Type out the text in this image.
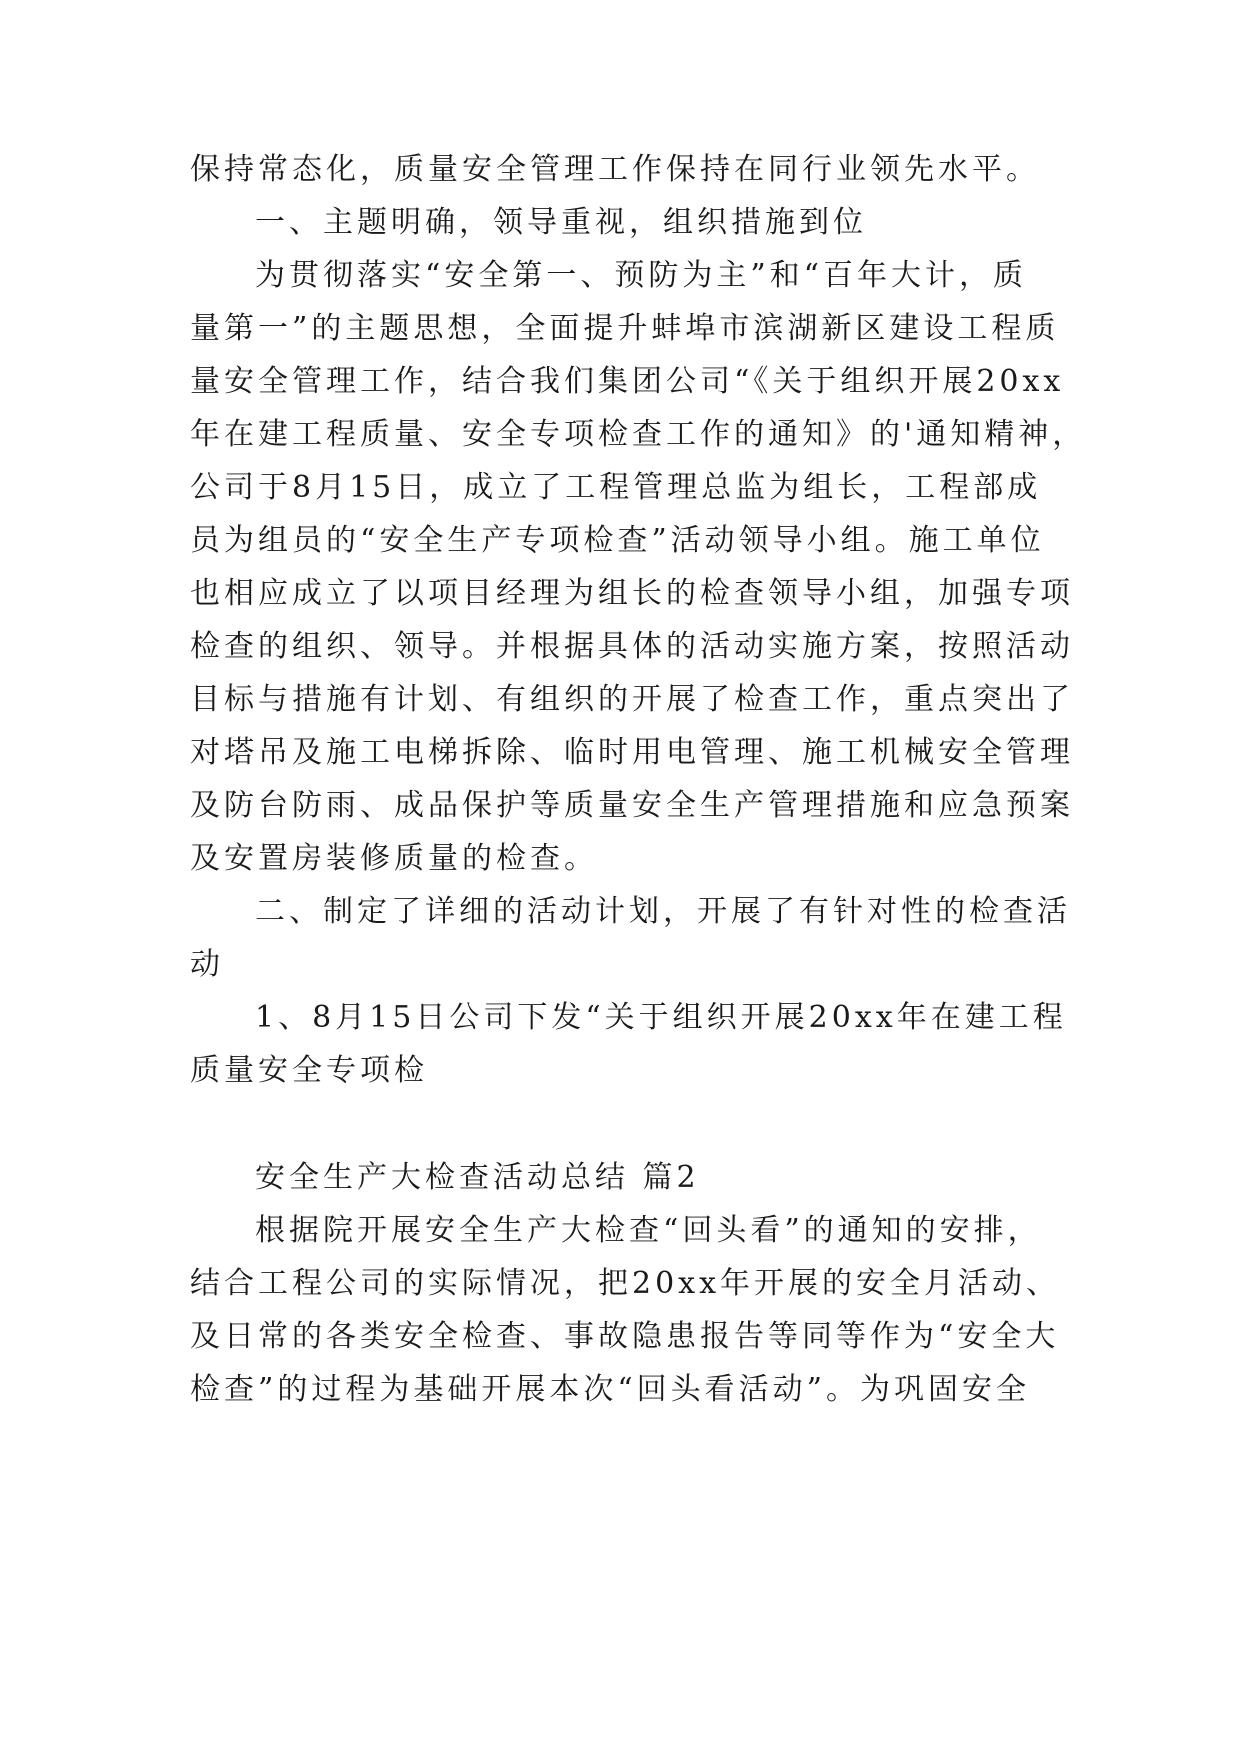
保持常态化，质量安全管理工作保持在同行业领先水平。
一、主题明确，领导重视，组织措施到位
为贯彻落实“安全第一、预防为主”和“百年大计，质
量第一”的主题思想，全面提升蚌埠市滨湖新区建设工程质
量安全管理工作，结合我们集团公司“《关于组织开展20xx
年在建工程质量、安全专项检查工作的通知》的'通知精神，
公司于8月15日，成立了工程管理总监为组长，工程部成
员为组员的“安全生产专项检查”活动领导小组。施工单位
也相应成立了以项目经理为组长的检查领导小组，加强专项
检查的组织、领导。并根据具体的活动实施方案，按照活动
目标与措施有计划、有组织的开展了检查工作，重点突出了
对塔吊及施工电梯拆除、临时用电管理、施工机械安全管理
及防台防雨、成品保护等质量安全生产管理措施和应急预案
及安置房装修质量的检查。
二、制定了详细的活动计划，开展了有针对性的检查活
动
1、8月15日公司下发“关于组织开展20xx年在建工程
质量安全专项检
安全生产大检查活动总结 篇2
根据院开展安全生产大检查“回头看”的通知的安排，
结合工程公司的实际情况，把20xx年开展的安全月活动、
及日常的各类安全检查、事故隐患报告等同等作为“安全大
检查”的过程为基础开展本次“回头看活动”。为巩固安全
